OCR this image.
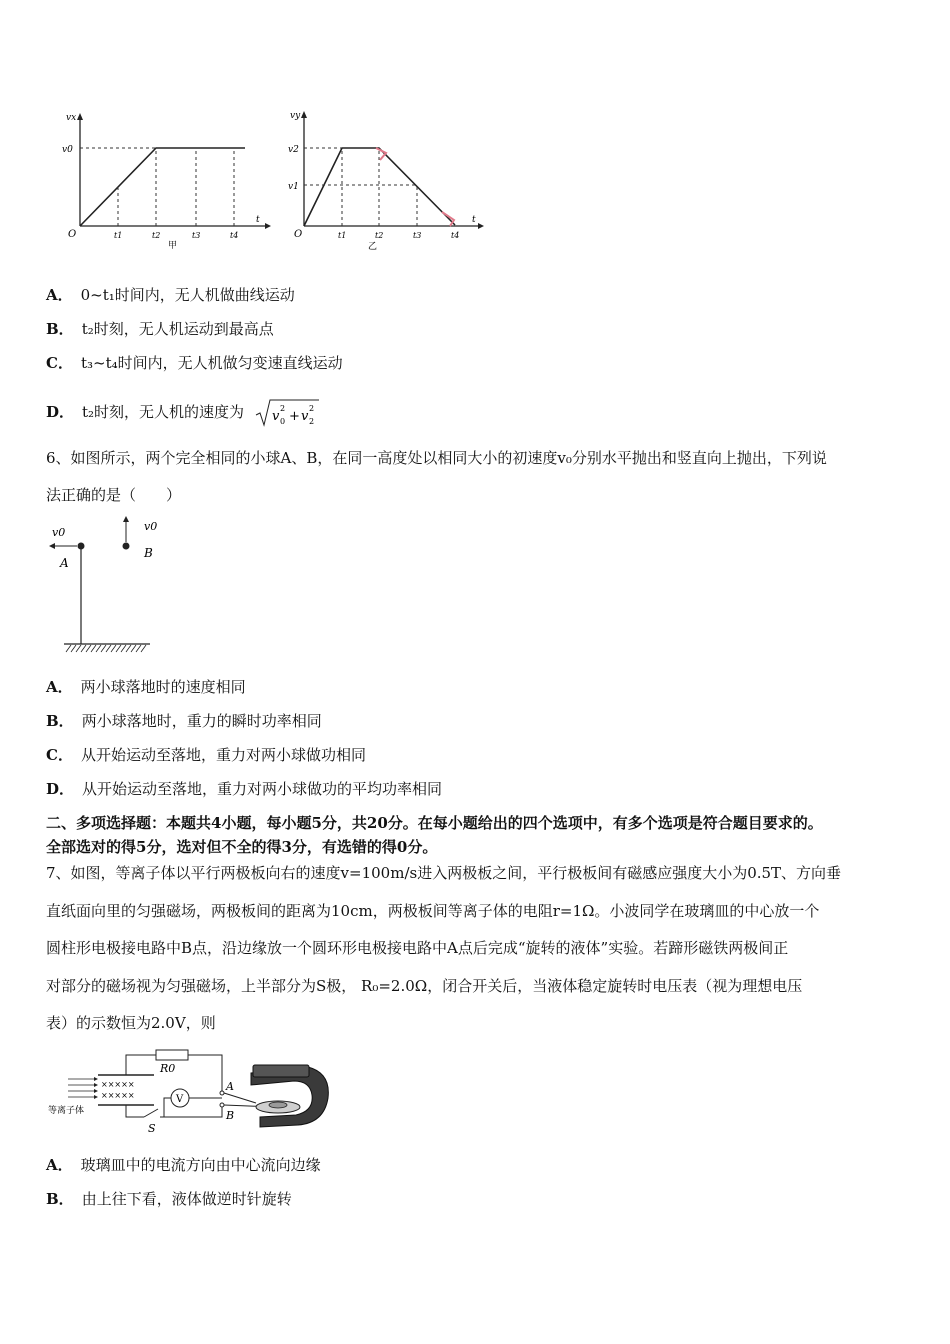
vx
v0
O	t1	t2	t3	t4
t
甲
vy
v2
v1
O	t1	t2	t3	t4
t
乙
A． 0~t₁时间内，无人机做曲线运动
B． t₂时刻，无人机运动到最高点
C． t₃~t₄时间内，无人机做匀变速直线运动
D． t₂时刻，无人机的速度为 v 0
2
+ v 2
2
6、如图所示，两个完全相同的小球A、B，在同一高度处以相同大小的初速度v₀分别水平抛出和竖直向上抛出，下列说
法正确的是（　　）
v0
A
v0
B
A． 两小球落地时的速度相同
B． 两小球落地时，重力的瞬时功率相同
C． 从开始运动至落地，重力对两小球做功相同
D． 从开始运动至落地，重力对两小球做功的平均功率相同
二、多项选择题：本题共4小题，每小题5分，共20分。在每小题给出的四个选项中，有多个选项是符合题目要求的。
全部选对的得5分，选对但不全的得3分，有选错的得0分。
7、如图，等离子体以平行两极板向右的速度v=100m/s进入两极板之间，平行极板间有磁感应强度大小为0.5T、方向垂
直纸面向里的匀强磁场，两极板间的距离为10cm，两极板间等离子体的电阻r=1Ω。小波同学在玻璃皿的中心放一个
圆柱形电极接电路中B点，沿边缘放一个圆环形电极接电路中A点后完成“旋转的液体”实验。若蹄形磁铁两极间正
对部分的磁场视为匀强磁场，上半部分为S极， R₀=2.0Ω，闭合开关后，当液体稳定旋转时电压表（视为理想电压
表）的示数恒为2.0V，则
×××××
×××××
等离子体
R0
S
V
A
B
A． 玻璃皿中的电流方向由中心流向边缘
B． 由上往下看，液体做逆时针旋转
